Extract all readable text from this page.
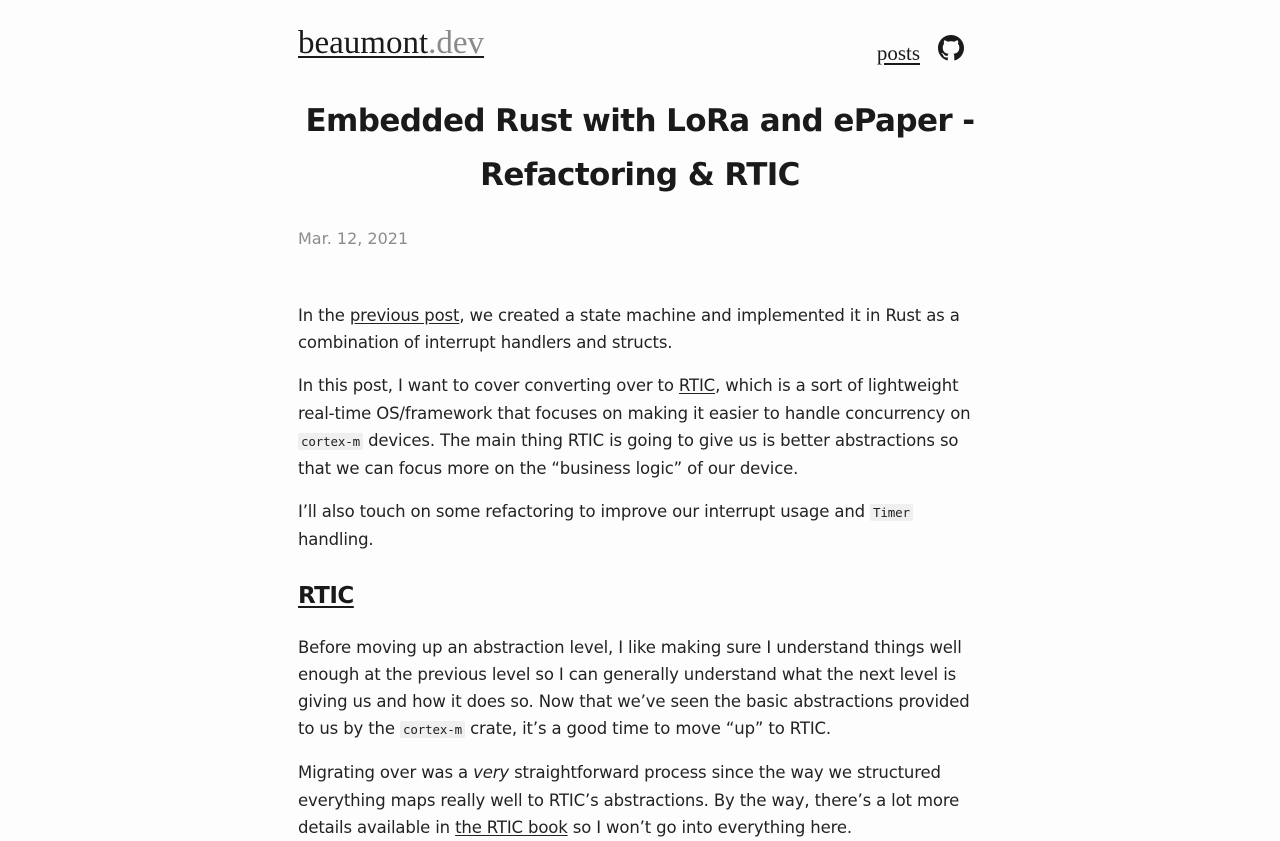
beaumont.dev	posts
Embedded Rust with LoRa and ePaper -
Refactoring & RTIC
Mar. 12, 2021

In the previous post, we created a state machine and implemented it in Rust as a combination of interrupt handlers and structs.

In this post, I want to cover converting over to RTIC, which is a sort of lightweight real-time OS/framework that focuses on making it easier to handle concurrency on cortex-m devices. The main thing RTIC is going to give us is better abstractions so that we can focus more on the “business logic” of our device.

I’ll also touch on some refactoring to improve our interrupt usage and Timer handling.

RTIC

Before moving up an abstraction level, I like making sure I understand things well enough at the previous level so I can generally understand what the next level is giving us and how it does so. Now that we’ve seen the basic abstractions provided to us by the cortex-m crate, it’s a good time to move “up” to RTIC.

Migrating over was a very straightforward process since the way we structured everything maps really well to RTIC’s abstractions. By the way, there’s a lot more details available in the RTIC book so I won’t go into everything here.
